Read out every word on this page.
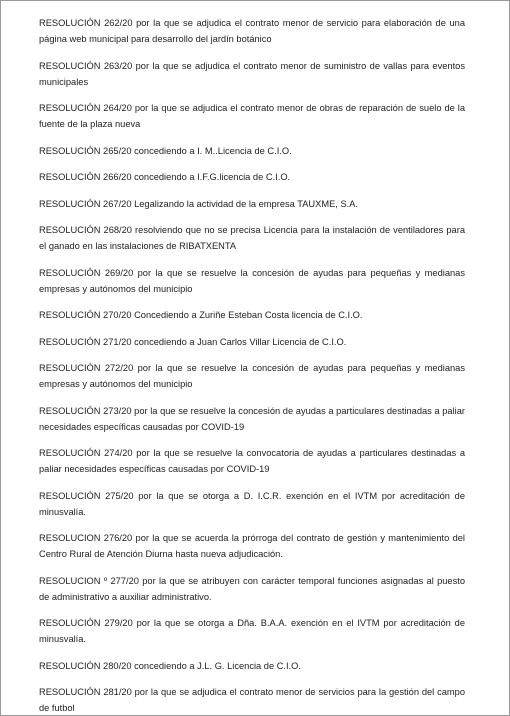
RESOLUCIÓN 262/20 por la que se adjudica el contrato menor de servicio para elaboración de una página web municipal para desarrollo del jardín botánico

RESOLUCIÓN 263/20 por la que se adjudica el contrato menor de suministro de vallas para eventos municipales

RESOLUCIÓN 264/20 por la que se adjudica el contrato menor de obras de reparación de suelo de la fuente de la plaza nueva

RESOLUCIÓN 265/20 concediendo a I. M..Licencia de C.I.O.

RESOLUCIÓN 266/20 concediendo a I.F.G.licencia de C.I.O.

RESOLUCIÓN 267/20 Legalizando la actividad de la empresa TAUXME, S.A.

RESOLUCIÓN 268/20 resolviendo que no se precisa Licencia para la instalación de ventiladores para el ganado en las instalaciones de RIBATXENTA

RESOLUCIÓN 269/20 por la que se resuelve la concesión de ayudas para pequeñas y medianas empresas y autónomos del municipio

RESOLUCIÓN 270/20 Concediendo a Zuriñe Esteban Costa licencia de C.I.O.

RESOLUCIÓN 271/20 concediendo a Juan Carlos Villar Licencia de C.I.O.

RESOLUCIÓN 272/20 por la que se resuelve la concesión de ayudas para pequeñas y medianas empresas y autónomos del municipio

RESOLUCIÓN 273/20 por la que se resuelve la concesión de ayudas a particulares destinadas a paliar necesidades específicas causadas por COVID-19

RESOLUCIÓN 274/20 por la que se resuelve la convocatoria de ayudas a particulares destinadas a paliar necesidades específicas causadas por COVID-19

RESOLUCIÓN 275/20 por la que se otorga a D. I.C.R. exención en el IVTM por acreditación de minusvalía.

RESOLUCION 276/20 por la que se acuerda la prórroga del contrato de gestión y mantenimiento del Centro Rural de Atención Diurna hasta nueva adjudicación.

RESOLUCION º 277/20 por la que se atribuyen con carácter temporal funciones asignadas al puesto de administrativo a auxiliar administrativo.

RESOLUCIÓN 279/20 por la que se otorga a Dña. B.A.A. exención en el IVTM por acreditación de minusvalía.

RESOLUCIÓN 280/20 concediendo a J.L. G. Licencia de C.I.O.

RESOLUCIÓN 281/20 por la que se adjudica el contrato menor de servicios para la gestión del campo de futbol
